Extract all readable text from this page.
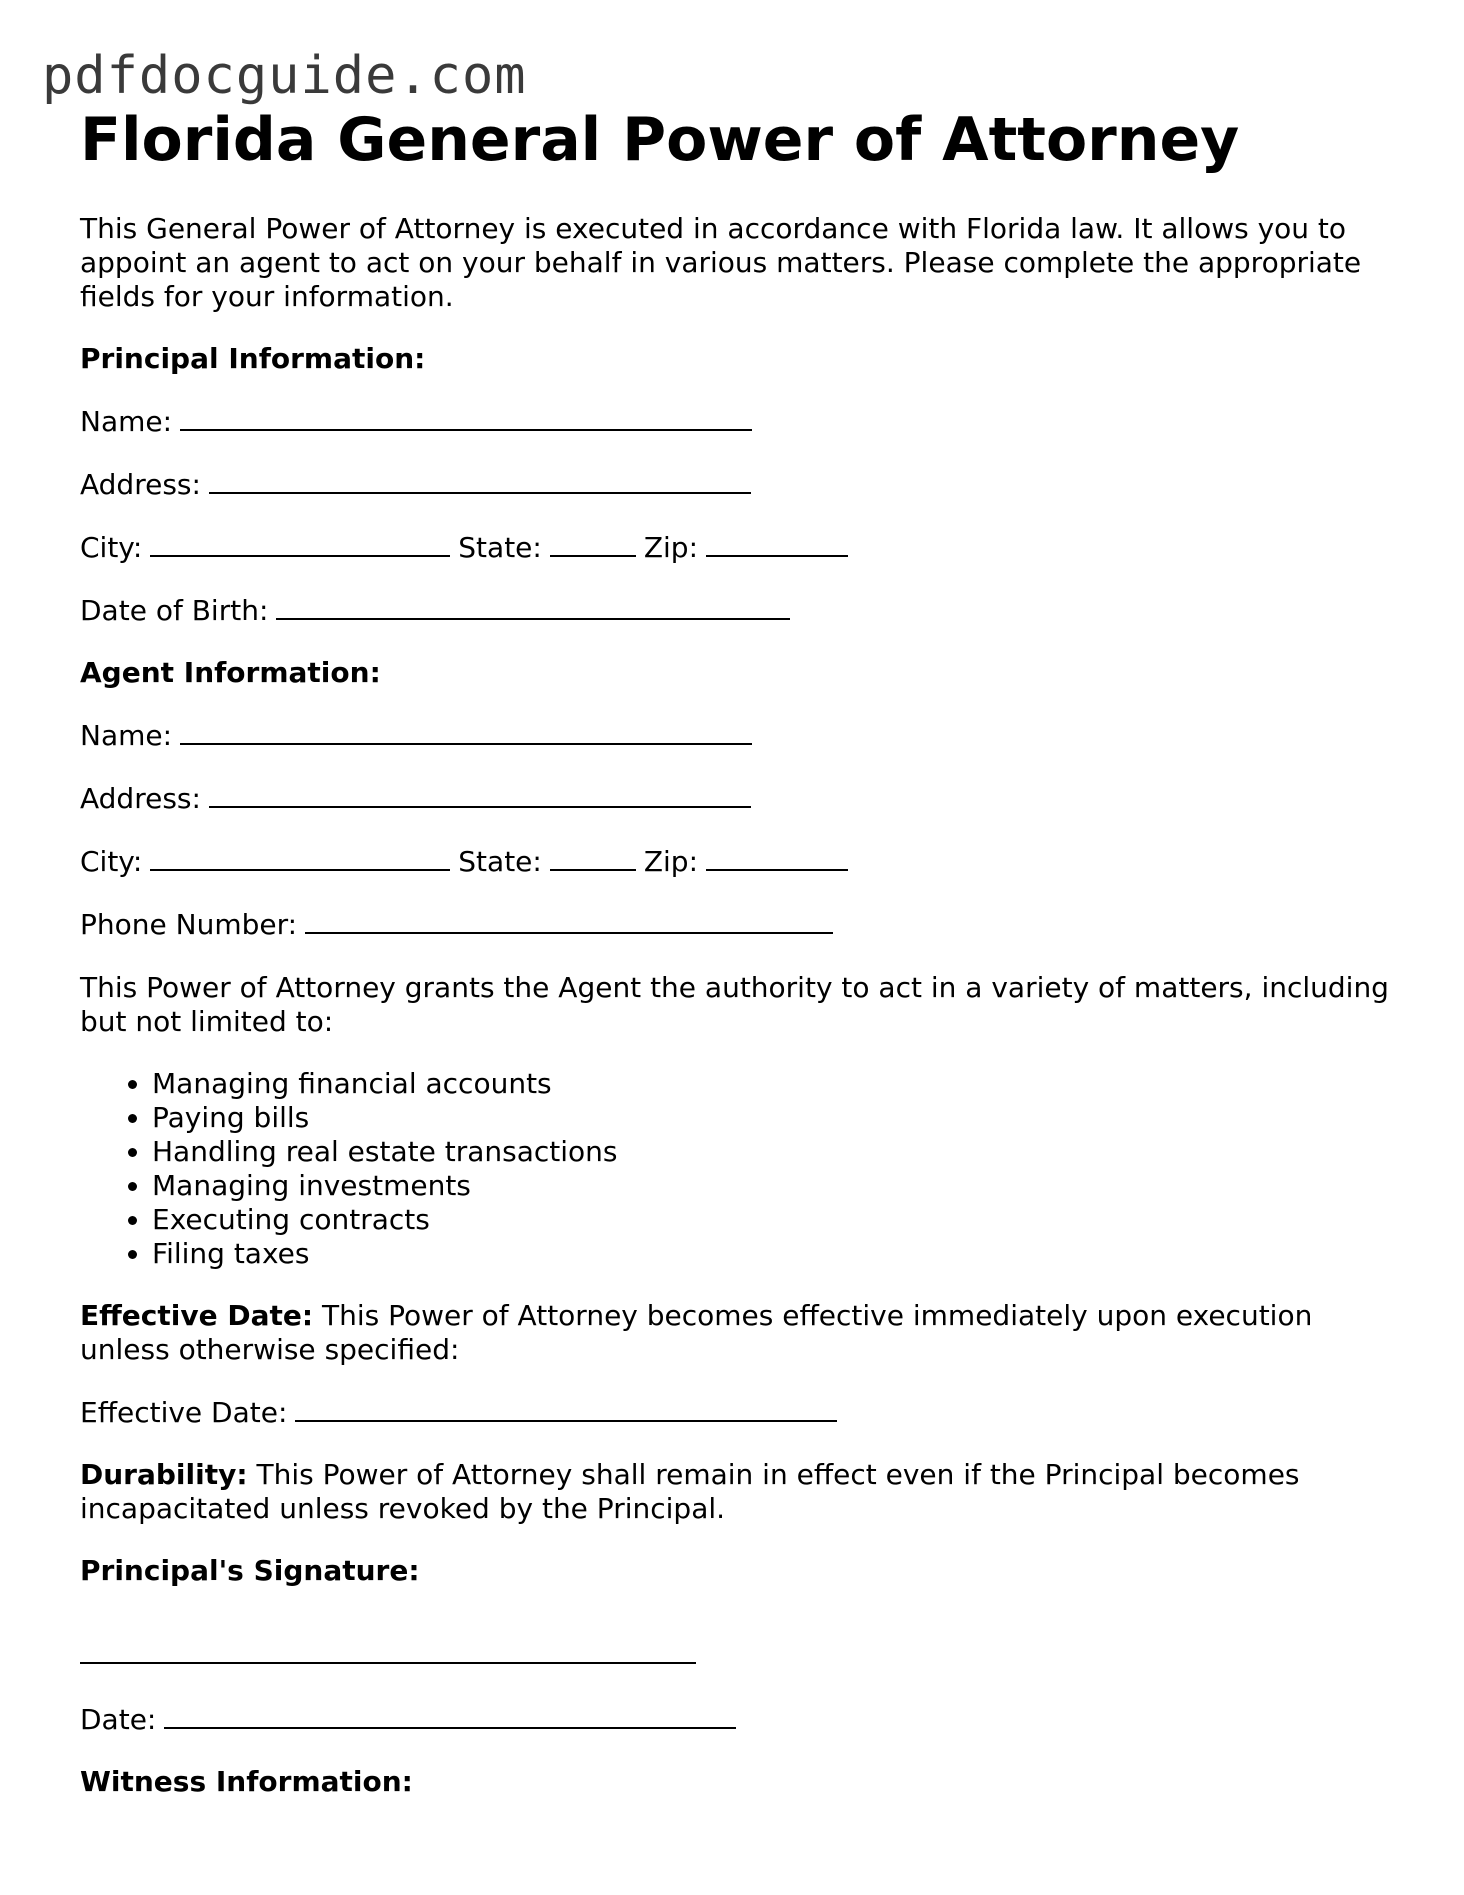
pdfdocguide.com
Florida General Power of Attorney

This General Power of Attorney is executed in accordance with Florida law. It allows you to appoint an agent to act on your behalf in various matters. Please complete the appropriate fields for your information.

Principal Information:
Name:
Address:
City:	State:	Zip:
Date of Birth:
Agent Information:
Name:
Address:
City:	State:	Zip:
Phone Number:

This Power of Attorney grants the Agent the authority to act in a variety of matters, including but not limited to:

• Managing financial accounts
• Paying bills
• Handling real estate transactions
• Managing investments
• Executing contracts
• Filing taxes

Effective Date: This Power of Attorney becomes effective immediately upon execution unless otherwise specified:

Effective Date:

Durability: This Power of Attorney shall remain in effect even if the Principal becomes incapacitated unless revoked by the Principal.

Principal's Signature:
Date:
Witness Information:
